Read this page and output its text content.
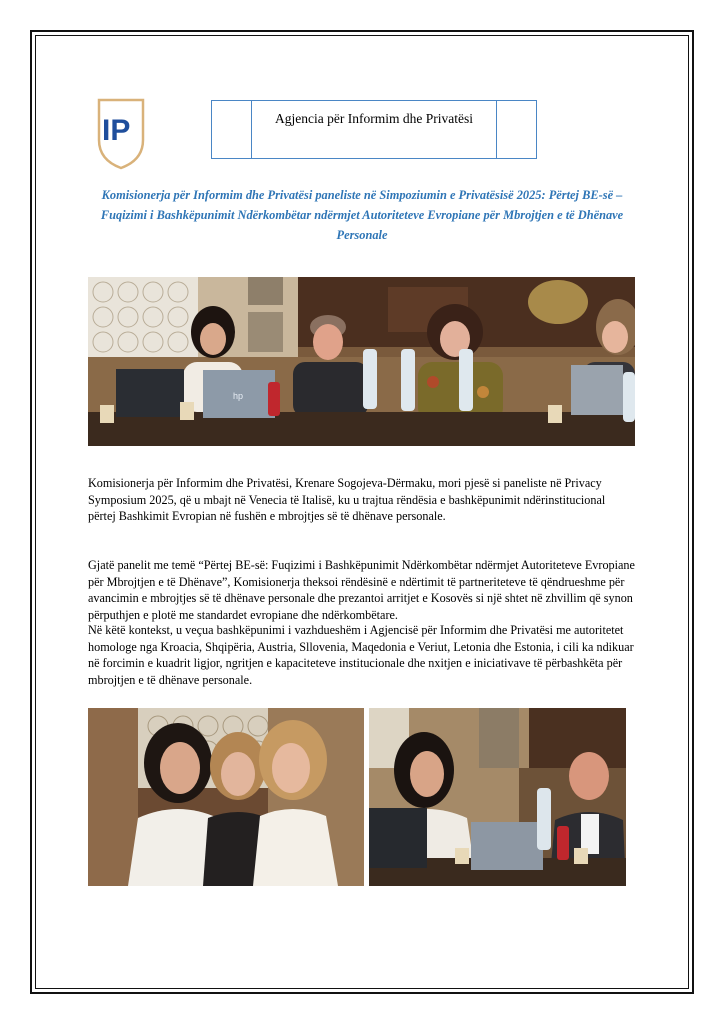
IP	Agjencia për Informim dhe Privatësi
Komisionerja për Informim dhe Privatësi paneliste në Simpoziumin e Privatësisë 2025: Përtej BE-së – Fuqizimi i Bashkëpunimit Ndërkombëtar ndërmjet Autoriteteve Evropiane për Mbrojtjen e të Dhënave Personale
hp

Komisionerja për Informim dhe Privatësi, Krenare Sogojeva-Dërmaku, mori pjesë si paneliste në Privacy Symposium 2025, që u mbajt në Venecia të Italisë, ku u trajtua rëndësia e bashkëpunimit ndërinstitucional përtej Bashkimit Evropian në fushën e mbrojtjes së të dhënave personale.

Gjatë panelit me temë “Përtej BE-së: Fuqizimi i Bashkëpunimit Ndërkombëtar ndërmjet Autoriteteve Evropiane për Mbrojtjen e të Dhënave”, Komisionerja theksoi rëndësinë e ndërtimit të partneriteteve të qëndrueshme për avancimin e mbrojtjes së të dhënave personale dhe prezantoi arritjet e Kosovës si një shtet në zhvillim që synon përputhjen e plotë me standardet evropiane dhe ndërkombëtare.

Në këtë kontekst, u veçua bashkëpunimi i vazhdueshëm i Agjencisë për Informim dhe Privatësi me autoritetet homologe nga Kroacia, Shqipëria, Austria, Sllovenia, Maqedonia e Veriut, Letonia dhe Estonia, i cili ka ndikuar në forcimin e kuadrit ligjor, ngritjen e kapaciteteve institucionale dhe nxitjen e iniciativave të përbashkëta për mbrojtjen e të dhënave personale.
